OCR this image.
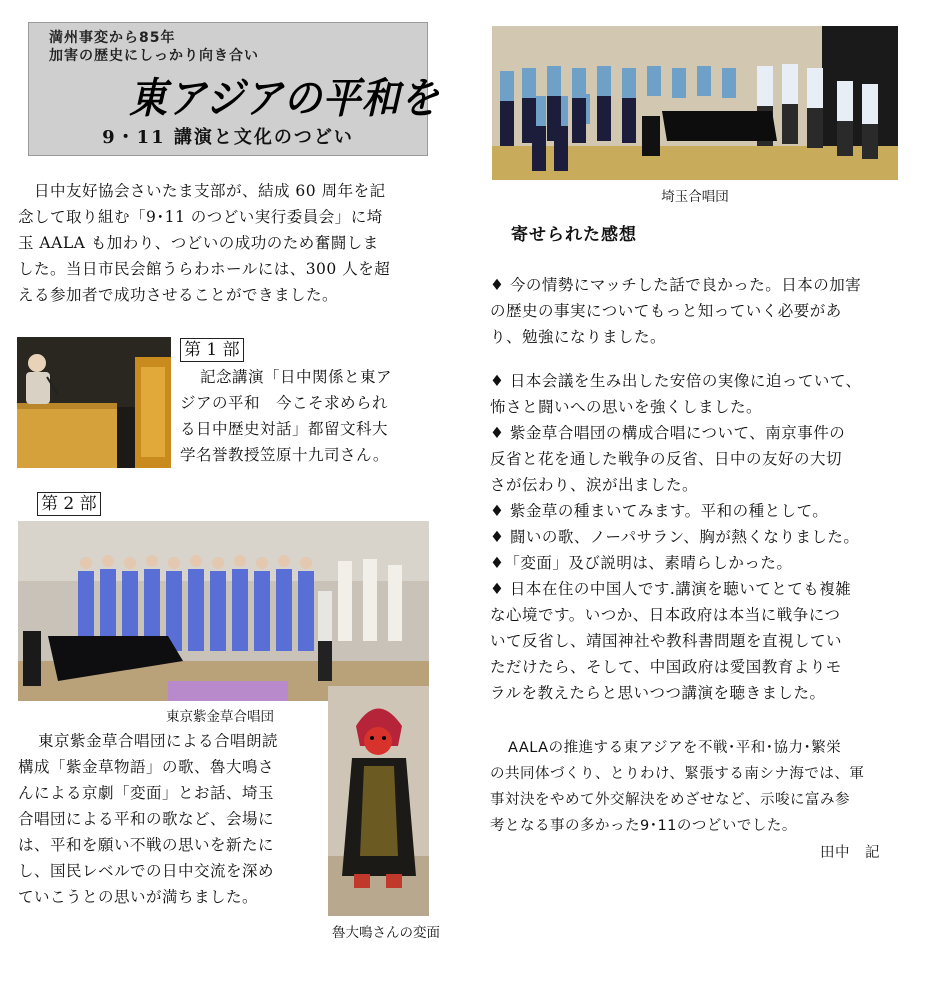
満州事変から85年
加害の歴史にしっかり向き合い
東アジアの平和を
9・11 講演と文化のつどい
日中友好協会さいたま支部が、結成 60 周年を記
念して取り組む「9･11 のつどい実行委員会」に埼
玉 AALA も加わり、つどいの成功のため奮闘しま
した。当日市民会館うらわホールには、300 人を超
える参加者で成功させることができました。
第 1 部
記念講演「日中関係と東ア
ジアの平和　今こそ求められ
る日中歴史対話」都留文科大
学名誉教授笠原十九司さん。
第 2 部
東京紫金草合唱団
東京紫金草合唱団による合唱朗読
構成「紫金草物語」の歌、魯大鳴さ
んによる京劇「変面」とお話、埼玉
合唱団による平和の歌など、会場に
は、平和を願い不戦の思いを新たに
し、国民レベルでの日中交流を深め
ていこうとの思いが満ちました。
魯大鳴さんの変面
埼玉合唱団
寄せられた感想
♦ 今の情勢にマッチした話で良かった。日本の加害
の歴史の事実についてもっと知っていく必要があ
り、勉強になりました。
♦ 日本会議を生み出した安倍の実像に迫っていて、
怖さと闘いへの思いを強くしました。
♦ 紫金草合唱団の構成合唱について、南京事件の
反省と花を通した戦争の反省、日中の友好の大切
さが伝わり、涙が出ました。
♦ 紫金草の種まいてみます。平和の種として。
♦ 闘いの歌、ノーパサラン、胸が熱くなりました。
♦「変面」及び説明は、素晴らしかった。
♦ 日本在住の中国人です.講演を聴いてとても複雑
な心境です。いつか、日本政府は本当に戦争につ
いて反省し、靖国神社や教科書問題を直視してい
ただけたら、そして、中国政府は愛国教育よりモ
ラルを教えたらと思いつつ講演を聴きました。
AALAの推進する東アジアを不戦･平和･協力･繁栄
の共同体づくり、とりわけ、緊張する南シナ海では、軍
事対決をやめて外交解決をめざせなど、示唆に富み参
考となる事の多かった9･11のつどいでした。
田中　記
